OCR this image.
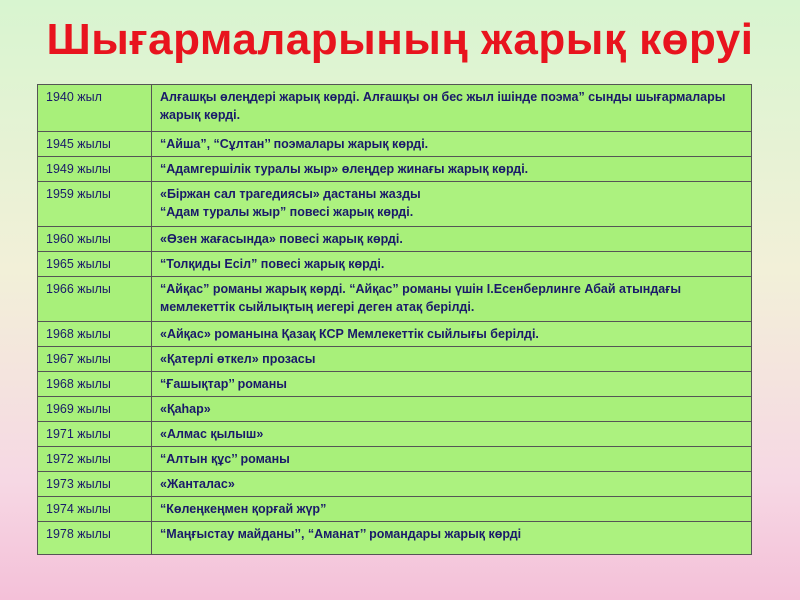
Шығармаларының жарық көруі
1940 жыл	Алғашқы өлеңдері жарық көрді. Алғашқы он бес жыл ішінде поэма” сынды шығармалары жарық көрді.
1945 жылы	“Айша”, “Сұлтан’’ поэмалары жарық көрді.
1949 жылы	“Адамгершілік туралы жыр» өлеңдер жинағы жарық көрді.
1959 жылы	«Біржан сал трагедиясы» дастаны жазды
“Адам туралы жыр” повесі жарық көрді.
1960 жылы	«Өзен жағасында» повесі жарық көрді.
1965 жылы	“Толқиды Есіл” повесі жарық көрді.
1966 жылы	“Айқас” романы жарық көрді. “Айқас” романы үшін І.Есенберлинге Абай атындағы мемлекеттік сыйлықтың иегері деген атақ берілді.
1968 жылы	«Айқас» романына Қазақ КСР Мемлекеттік сыйлығы берілді.
1967 жылы	«Қатерлі өткел» прозасы
1968 жылы	“Ғашықтар’’ романы
1969 жылы	«Қаһар»
1971 жылы	«Алмас қылыш»
1972 жылы	“Алтын құс’’ романы
1973 жылы	«Жанталас»
1974 жылы	“Көлеңкеңмен қорғай жүр”
1978 жылы	“Маңғыстау майданы’’, “Аманат’’ романдары жарық көрді
